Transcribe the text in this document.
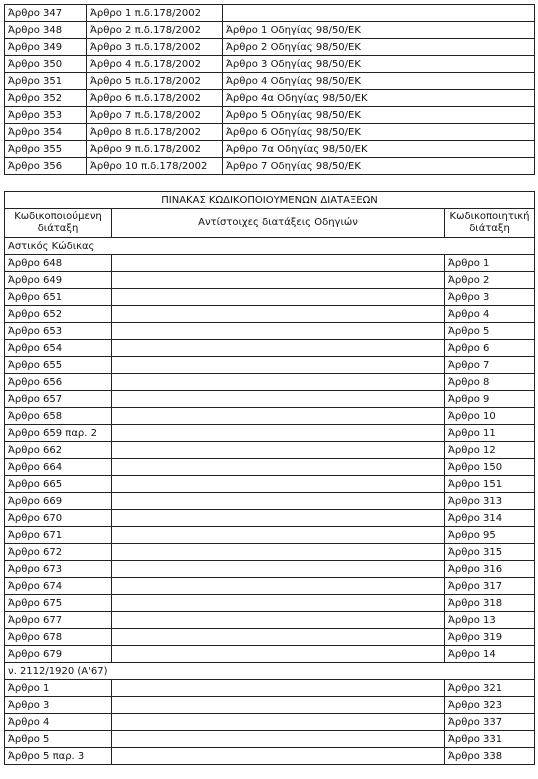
Άρθρο 347	Άρθρο 1 π.δ.178/2002	
Άρθρο 348	Άρθρο 2 π.δ.178/2002	Άρθρο 1 Οδηγίας 98/50/ΕΚ
Άρθρο 349	Άρθρο 3 π.δ.178/2002	Άρθρο 2 Οδηγίας 98/50/ΕΚ
Άρθρο 350	Άρθρο 4 π.δ.178/2002	Άρθρο 3 Οδηγίας 98/50/ΕΚ
Άρθρο 351	Άρθρο 5 π.δ.178/2002	Άρθρο 4 Οδηγίας 98/50/ΕΚ
Άρθρο 352	Άρθρο 6 π.δ.178/2002	Άρθρο 4α Οδηγίας 98/50/ΕΚ
Άρθρο 353	Άρθρο 7 π.δ.178/2002	Άρθρο 5 Οδηγίας 98/50/ΕΚ
Άρθρο 354	Άρθρο 8 π.δ.178/2002	Άρθρο 6 Οδηγίας 98/50/ΕΚ
Άρθρο 355	Άρθρο 9 π.δ.178/2002	Άρθρο 7α Οδηγίας 98/50/ΕΚ
Άρθρο 356	Άρθρο 10 π.δ.178/2002	Άρθρο 7 Οδηγίας 98/50/ΕΚ
ΠΙΝΑΚΑΣ ΚΩΔΙΚΟΠΟΙΟΥΜΕΝΩΝ ΔΙΑΤΑΞΕΩΝ		
Κωδικοποιούμενη διάταξη	Αντίστοιχες διατάξεις Οδηγιών	Κωδικοποιητική διάταξη
Αστικός Κώδικας		
Άρθρο 648		Άρθρο 1
Άρθρο 649		Άρθρο 2
Άρθρο 651		Άρθρο 3
Άρθρο 652		Άρθρο 4
Άρθρο 653		Άρθρο 5
Άρθρο 654		Άρθρο 6
Άρθρο 655		Άρθρο 7
Άρθρο 656		Άρθρο 8
Άρθρο 657		Άρθρο 9
Άρθρο 658		Άρθρο 10
Άρθρο 659 παρ. 2		Άρθρο 11
Άρθρο 662		Άρθρο 12
Άρθρο 664		Άρθρο 150
Άρθρο 665		Άρθρο 151
Άρθρο 669		Άρθρο 313
Άρθρο 670		Άρθρο 314
Άρθρο 671		Άρθρο 95
Άρθρο 672		Άρθρο 315
Άρθρο 673		Άρθρο 316
Άρθρο 674		Άρθρο 317
Άρθρο 675		Άρθρο 318
Άρθρο 677		Άρθρο 13
Άρθρο 678		Άρθρο 319
Άρθρο 679		Άρθρο 14
ν. 2112/1920 (Α'67)		
Άρθρο 1		Άρθρο 321
Άρθρο 3		Άρθρο 323
Άρθρο 4		Άρθρο 337
Άρθρο 5		Άρθρο 331
Άρθρο 5 παρ. 3		Άρθρο 338
